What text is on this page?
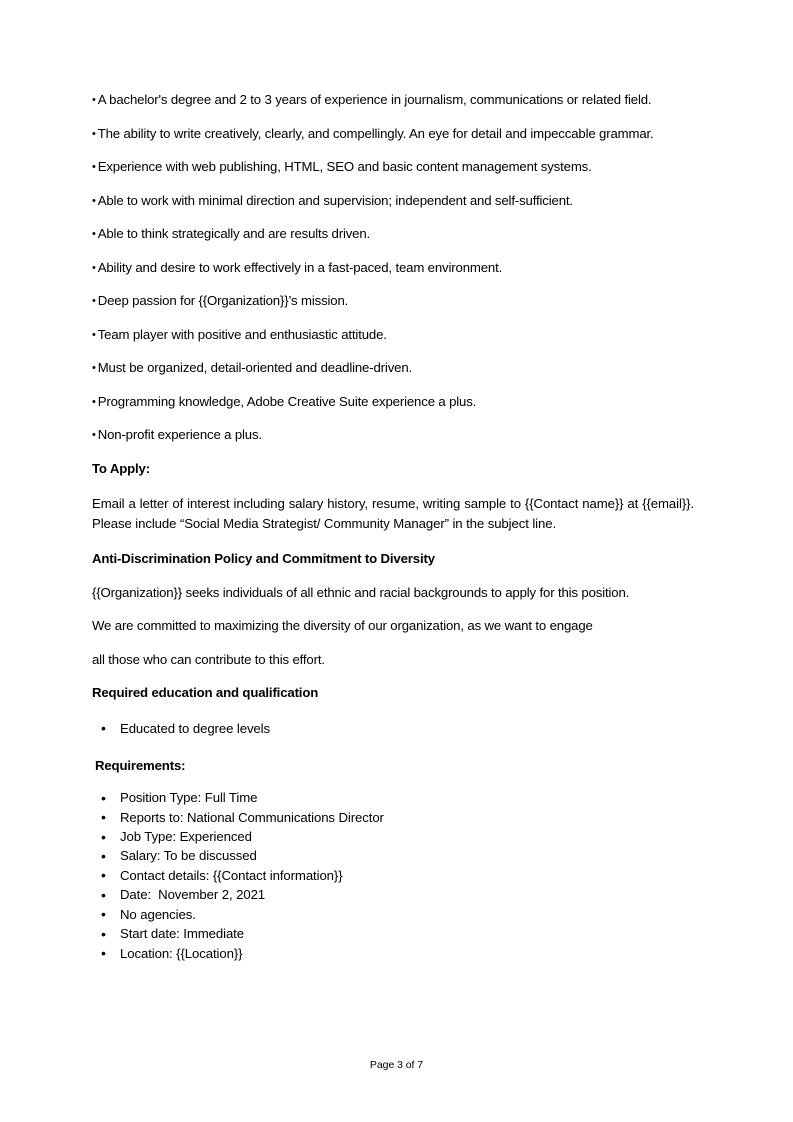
• A bachelor's degree and 2 to 3 years of experience in journalism, communications or related field.

• The ability to write creatively, clearly, and compellingly. An eye for detail and impeccable grammar.

• Experience with web publishing, HTML, SEO and basic content management systems.

• Able to work with minimal direction and supervision; independent and self-sufficient.

• Able to think strategically and are results driven.

• Ability and desire to work effectively in a fast-paced, team environment.

• Deep passion for {{Organization}}’s mission.

• Team player with positive and enthusiastic attitude.

• Must be organized, detail-oriented and deadline-driven.

• Programming knowledge, Adobe Creative Suite experience a plus.

• Non-profit experience a plus.

To Apply:

Email a letter of interest including salary history, resume, writing sample to {{Contact name}} at {{email}}. Please include “Social Media Strategist/ Community Manager” in the subject line.

Anti-Discrimination Policy and Commitment to Diversity

{{Organization}} seeks individuals of all ethnic and racial backgrounds to apply for this position.

We are committed to maximizing the diversity of our organization, as we want to engage

all those who can contribute to this effort.

Required education and qualification

• Educated to degree levels

Requirements:

• Position Type: Full Time
• Reports to: National Communications Director
• Job Type: Experienced
• Salary: To be discussed
• Contact details: {{Contact information}}
• Date:  November 2, 2021
• No agencies.
• Start date: Immediate
• Location: {{Location}}
Page 3 of 7
